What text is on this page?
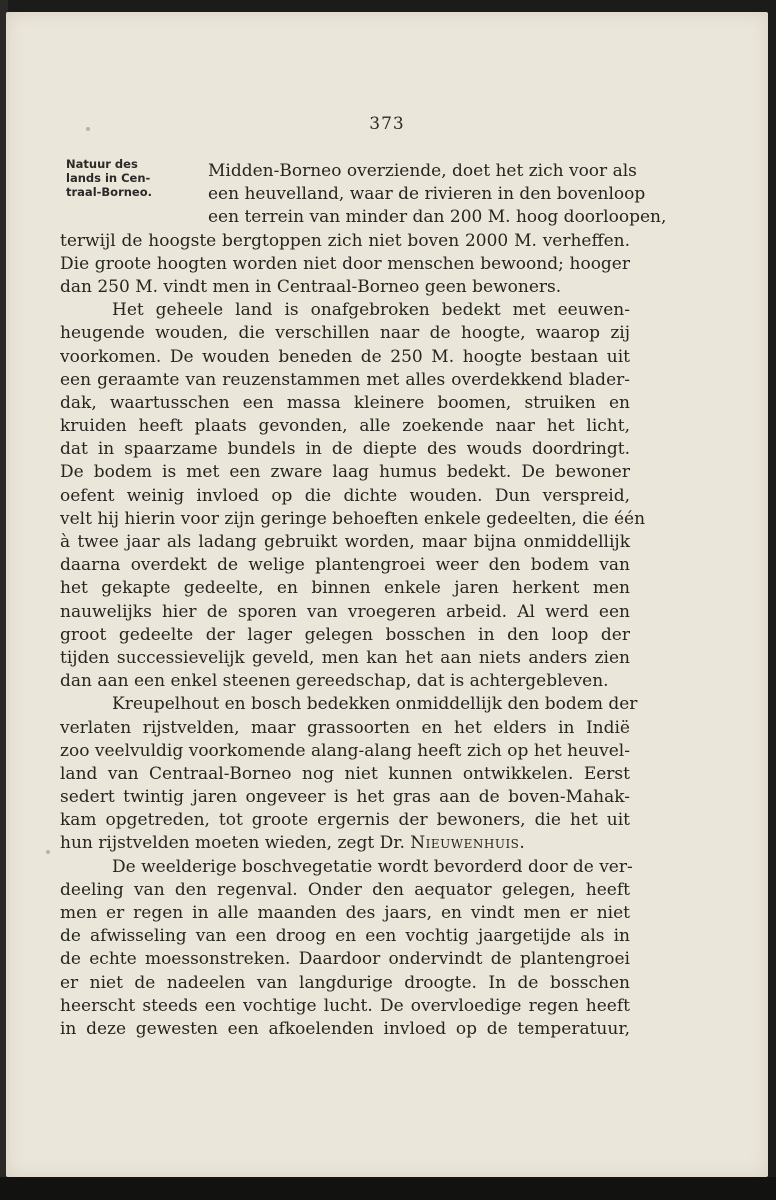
373
Natuur des
lands in Cen-
traal-Borneo.
Midden-Borneo overziende, doet het zich voor als
een heuvelland, waar de rivieren in den bovenloop
een terrein van minder dan 200 M. hoog doorloopen,
terwijl de hoogste bergtoppen zich niet boven 2000 M. verheffen.
Die groote hoogten worden niet door menschen bewoond; hooger
dan 250 M. vindt men in Centraal-Borneo geen bewoners.
Het geheele land is onafgebroken bedekt met eeuwen-
heugende wouden, die verschillen naar de hoogte, waarop zij
voorkomen. De wouden beneden de 250 M. hoogte bestaan uit
een geraamte van reuzenstammen met alles overdekkend blader-
dak, waartusschen een massa kleinere boomen, struiken en
kruiden heeft plaats gevonden, alle zoekende naar het licht,
dat in spaarzame bundels in de diepte des wouds doordringt.
De bodem is met een zware laag humus bedekt. De bewoner
oefent weinig invloed op die dichte wouden. Dun verspreid,
velt hij hierin voor zijn geringe behoeften enkele gedeelten, die één
à twee jaar als ladang gebruikt worden, maar bijna onmiddellijk
daarna overdekt de welige plantengroei weer den bodem van
het gekapte gedeelte, en binnen enkele jaren herkent men
nauwelijks hier de sporen van vroegeren arbeid. Al werd een
groot gedeelte der lager gelegen bosschen in den loop der
tijden successievelijk geveld, men kan het aan niets anders zien
dan aan een enkel steenen gereedschap, dat is achtergebleven.
Kreupelhout en bosch bedekken onmiddellijk den bodem der
verlaten rijstvelden, maar grassoorten en het elders in Indië
zoo veelvuldig voorkomende alang-alang heeft zich op het heuvel-
land van Centraal-Borneo nog niet kunnen ontwikkelen. Eerst
sedert twintig jaren ongeveer is het gras aan de boven-Mahak-
kam opgetreden, tot groote ergernis der bewoners, die het uit
hun rijstvelden moeten wieden, zegt Dr. Nieuwenhuis.
De weelderige boschvegetatie wordt bevorderd door de ver-
deeling van den regenval. Onder den aequator gelegen, heeft
men er regen in alle maanden des jaars, en vindt men er niet
de afwisseling van een droog en een vochtig jaargetijde als in
de echte moessonstreken. Daardoor ondervindt de plantengroei
er niet de nadeelen van langdurige droogte. In de bosschen
heerscht steeds een vochtige lucht. De overvloedige regen heeft
in deze gewesten een afkoelenden invloed op de temperatuur,
